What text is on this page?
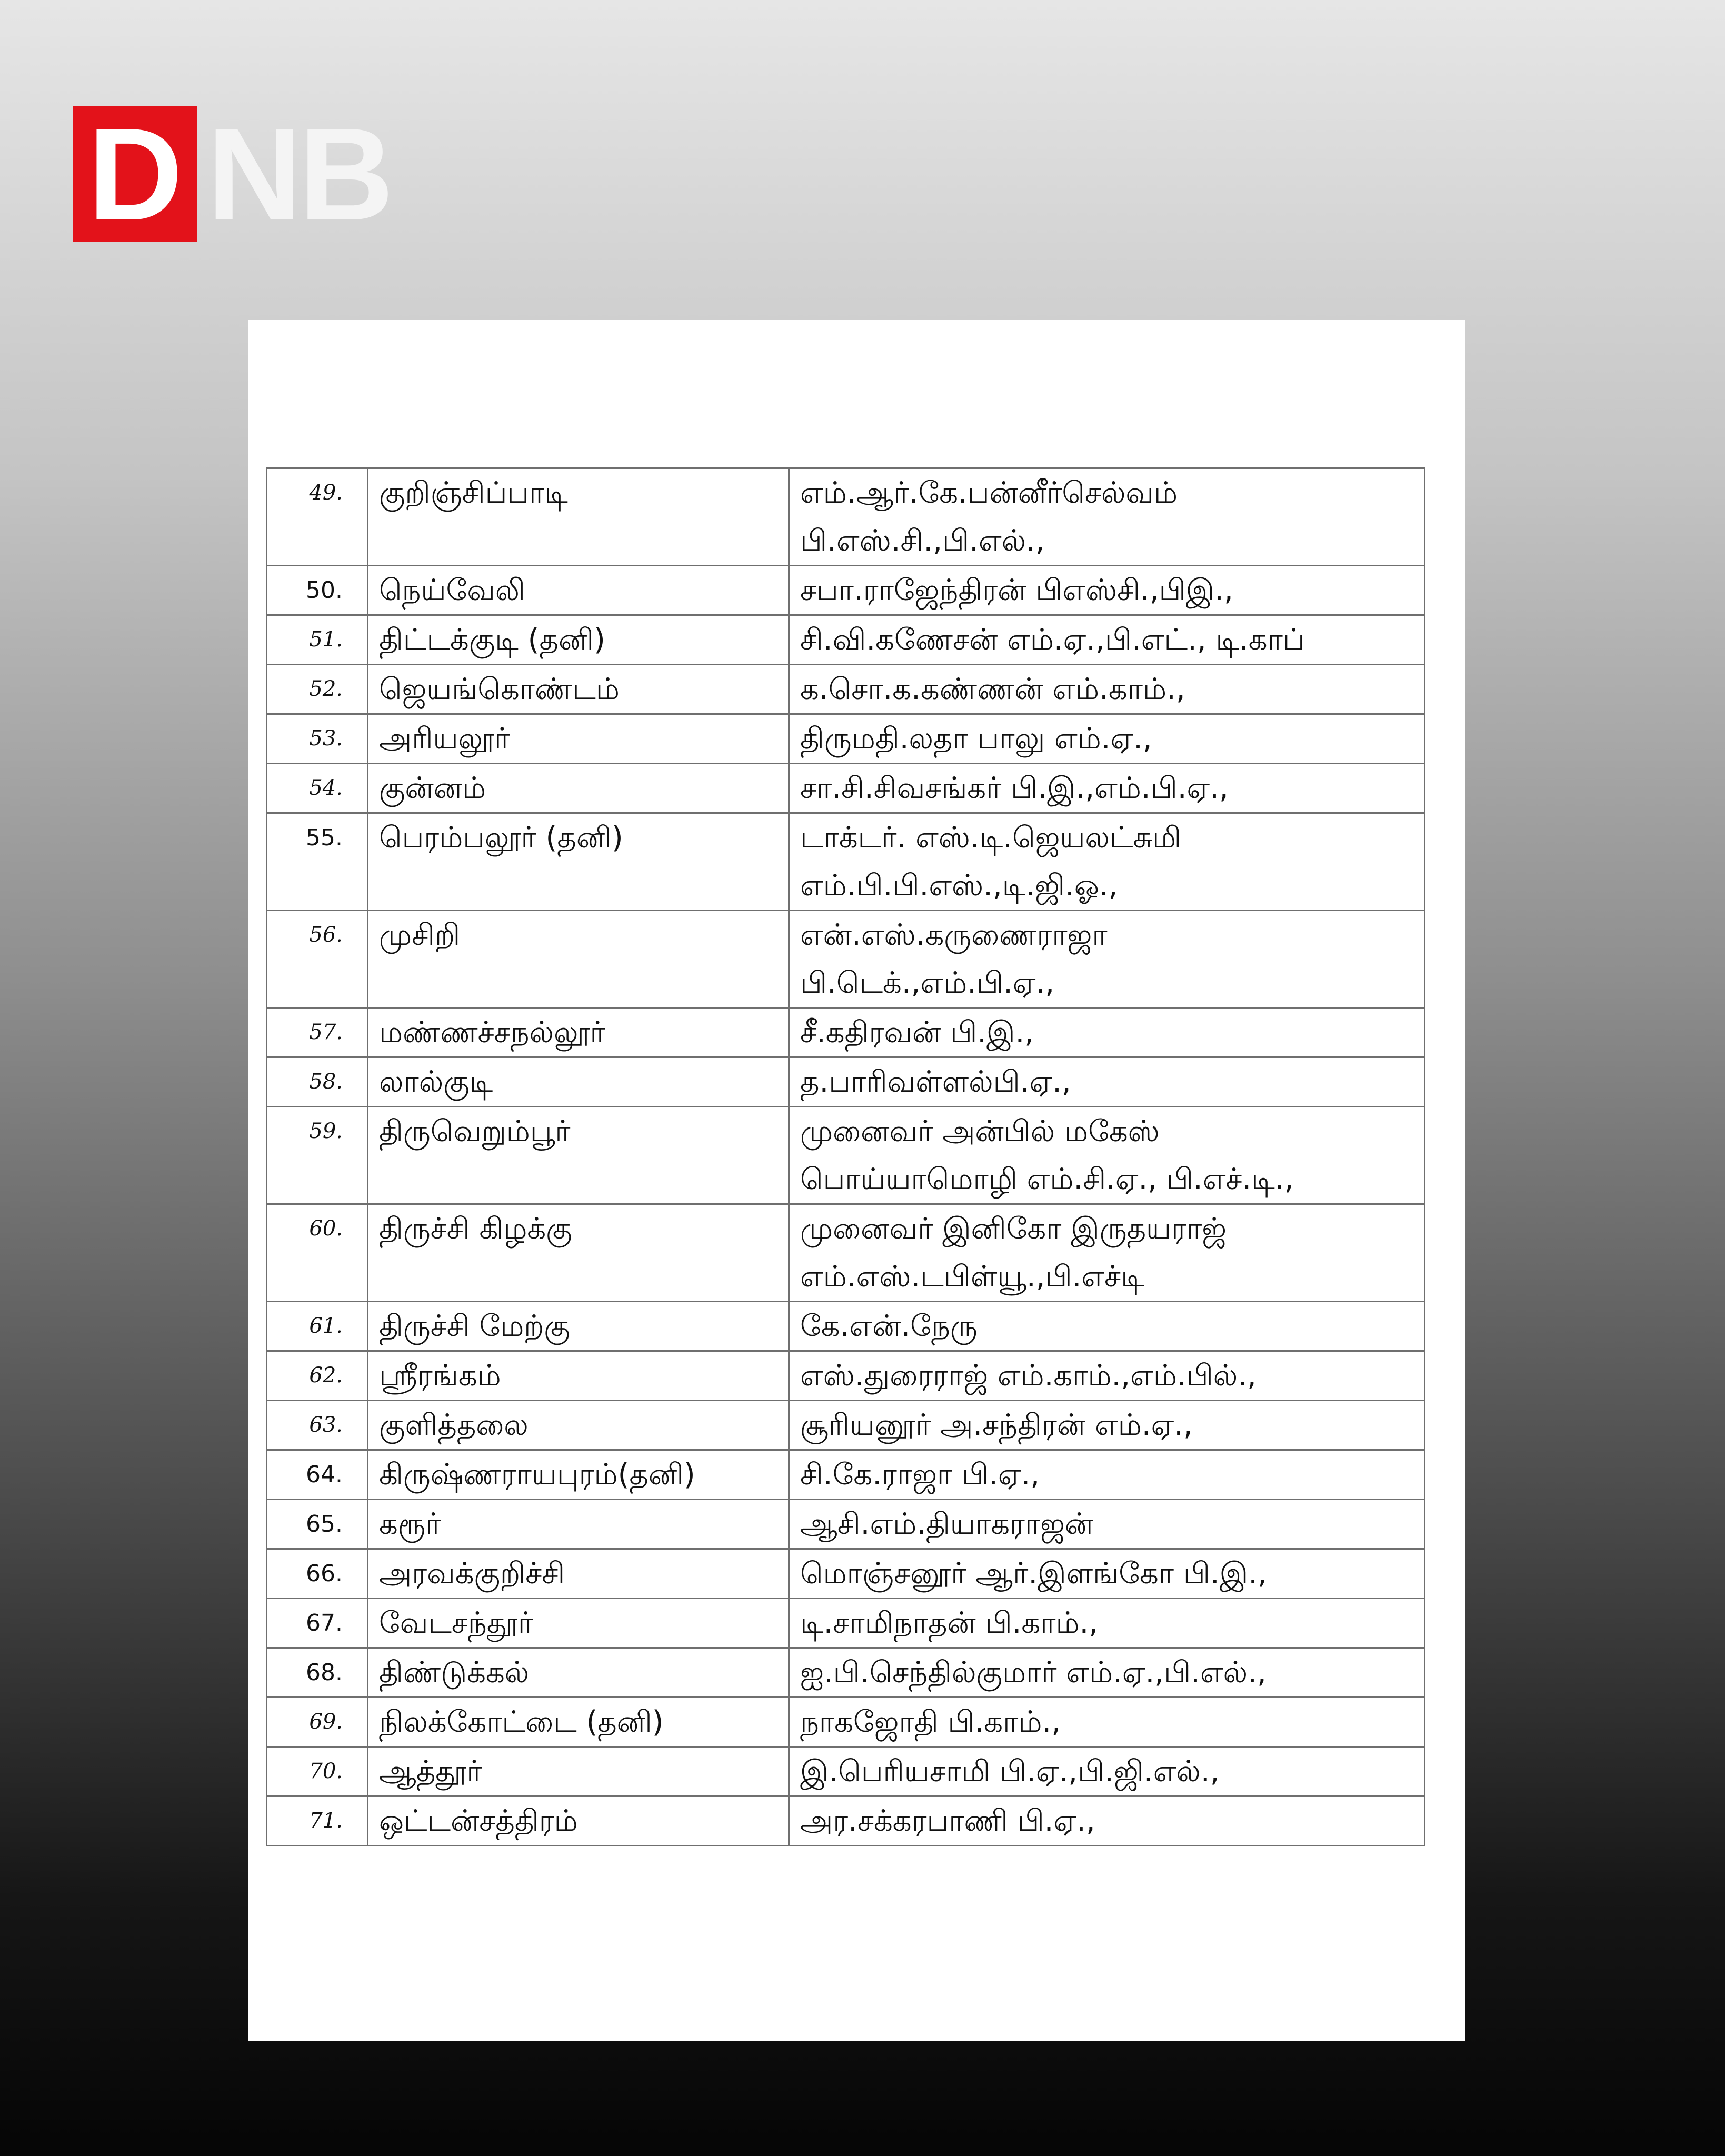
D NB
49.	குறிஞ்சிப்பாடி	எம்.ஆர்.கே.பன்னீர்செல்வம்
பி.எஸ்.சி.,பி.எல்.,

50.	நெய்வேலி	சபா.ராஜேந்திரன் பிஎஸ்சி.,பிஇ.,

51.	திட்டக்குடி (தனி)	சி.வி.கணேசன் எம்.ஏ.,பி.எட்., டி.காப்

52.	ஜெயங்கொண்டம்	க.சொ.க.கண்ணன் எம்.காம்.,

53.	அரியலூர்	திருமதி.லதா பாலு எம்.ஏ.,

54.	குன்னம்	சா.சி.சிவசங்கர் பி.இ.,எம்.பி.ஏ.,

55.	பெரம்பலூர் (தனி)	டாக்டர். எஸ்.டி.ஜெயலட்சுமி
எம்.பி.பி.எஸ்.,டி.ஜி.ஓ.,

56.	முசிறி	என்.எஸ்.கருணைராஜா
பி.டெக்.,எம்.பி.ஏ.,

57.	மண்ணச்சநல்லூர்	சீ.கதிரவன் பி.இ.,

58.	லால்குடி	த.பாரிவள்ளல்பி.ஏ.,

59.	திருவெறும்பூர்	முனைவர் அன்பில் மகேஸ்
பொய்யாமொழி எம்.சி.ஏ., பி.எச்.டி.,

60.	திருச்சி கிழக்கு	முனைவர் இனிகோ இருதயராஜ்
எம்.எஸ்.டபிள்யூ.,பி.எச்டி

61.	திருச்சி மேற்கு	கே.என்.நேரு

62.	ஸ்ரீரங்கம்	எஸ்.துரைராஜ் எம்.காம்.,எம்.பில்.,

63.	குளித்தலை	சூரியனூர் அ.சந்திரன் எம்.ஏ.,

64.	கிருஷ்ணராயபுரம்(தனி)	சி.கே.ராஜா பி.ஏ.,

65.	கரூர்	ஆசி.எம்.தியாகராஜன்

66.	அரவக்குறிச்சி	மொஞ்சனூர் ஆர்.இளங்கோ பி.இ.,

67.	வேடசந்தூர்	டி.சாமிநாதன் பி.காம்.,

68.	திண்டுக்கல்	ஐ.பி.செந்தில்குமார் எம்.ஏ.,பி.எல்.,

69.	நிலக்கோட்டை (தனி)	நாகஜோதி பி.காம்.,

70.	ஆத்தூர்	இ.பெரியசாமி பி.ஏ.,பி.ஜி.எல்.,

71.	ஒட்டன்சத்திரம்	அர.சக்கரபாணி பி.ஏ.,
